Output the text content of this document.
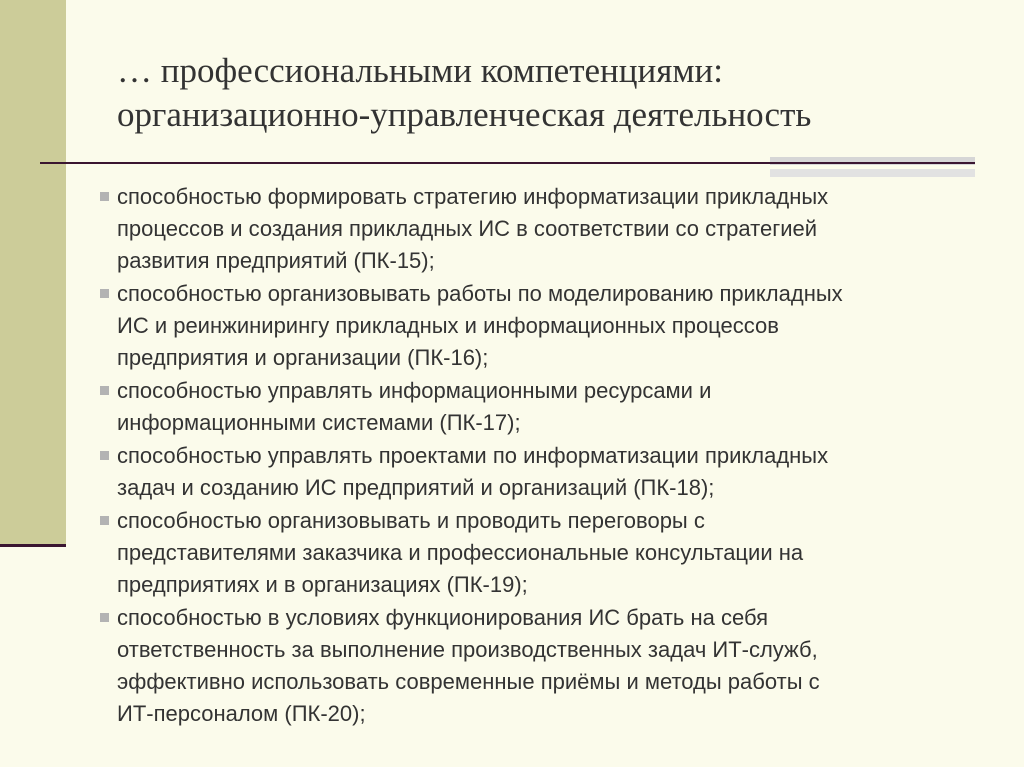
… профессиональными компетенциями:
организационно-управленческая деятельность
способностью формировать стратегию информатизации прикладных
процессов и создания прикладных ИС в соответствии со стратегией
развития предприятий (ПК-15);
способностью организовывать работы по моделированию прикладных
ИС и реинжинирингу прикладных и информационных процессов
предприятия и организации (ПК-16);
способностью управлять информационными ресурсами и
информационными системами (ПК-17);
способностью управлять проектами по информатизации прикладных
задач и созданию ИС предприятий и организаций (ПК-18);
способностью организовывать и проводить переговоры с
представителями заказчика и профессиональные консультации на
предприятиях и в организациях (ПК-19);
способностью в условиях функционирования ИС брать на себя
ответственность за выполнение производственных задач ИТ-служб,
эффективно использовать современные приёмы и методы работы с
ИТ-персоналом (ПК-20);
